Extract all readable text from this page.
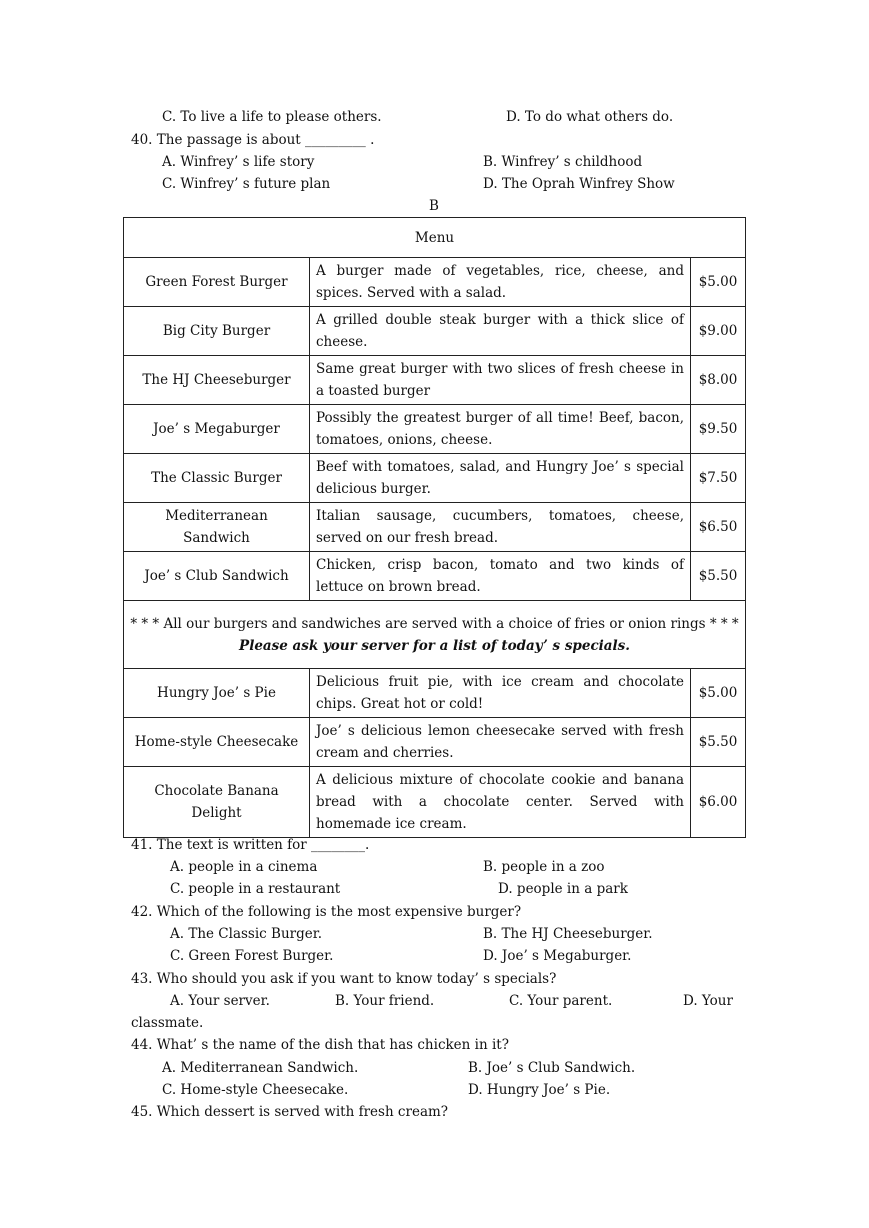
C. To live a life to please others.	D. To do what others do.
40. The passage is about _________ .
A. Winfrey’ s life story	B. Winfrey’ s childhood
C. Winfrey’ s future plan	D. The Oprah Winfrey Show
B
Menu		
Green Forest Burger	A burger made of vegetables, rice, cheese, and spices. Served with a salad.	$5.00
Big City Burger	A grilled double steak burger with a thick slice of cheese.	$9.00
The HJ Cheeseburger	Same great burger with two slices of fresh cheese in a toasted burger	$8.00
Joe’ s Megaburger	Possibly the greatest burger of all time! Beef, bacon, tomatoes, onions, cheese.	$9.50
The Classic Burger	Beef with tomatoes, salad, and Hungry Joe’ s special delicious burger.	$7.50
Mediterranean Sandwich	Italian sausage, cucumbers, tomatoes, cheese, served on our fresh bread.	$6.50
Joe’ s Club Sandwich	Chicken, crisp bacon, tomato and two kinds of lettuce on brown bread.	$5.50

* * * All our burgers and sandwiches are served with a choice of fries or onion rings * * *
Please ask your server for a list of today’ s specials.		

Hungry Joe’ s Pie	Delicious fruit pie, with ice cream and chocolate chips. Great hot or cold!	$5.00
Home-style Cheesecake	Joe’ s delicious lemon cheesecake served with fresh cream and cherries.	$5.50
Chocolate Banana Delight	A delicious mixture of chocolate cookie and banana bread with a chocolate center. Served with homemade ice cream.	$6.00
41. The text is written for ________.
A. people in a cinema	B. people in a zoo
C. people in a restaurant	D. people in a park
42. Which of the following is the most expensive burger?
A. The Classic Burger.	B. The HJ Cheeseburger.
C. Green Forest Burger.	D. Joe’ s Megaburger.
43. Who should you ask if you want to know today’ s specials?
A. Your server.	B. Your friend.	C. Your parent.	D. Your
classmate.
44. What’ s the name of the dish that has chicken in it?
A. Mediterranean Sandwich.	B. Joe’ s Club Sandwich.
C. Home-style Cheesecake.	D. Hungry Joe’ s Pie.
45. Which dessert is served with fresh cream?
